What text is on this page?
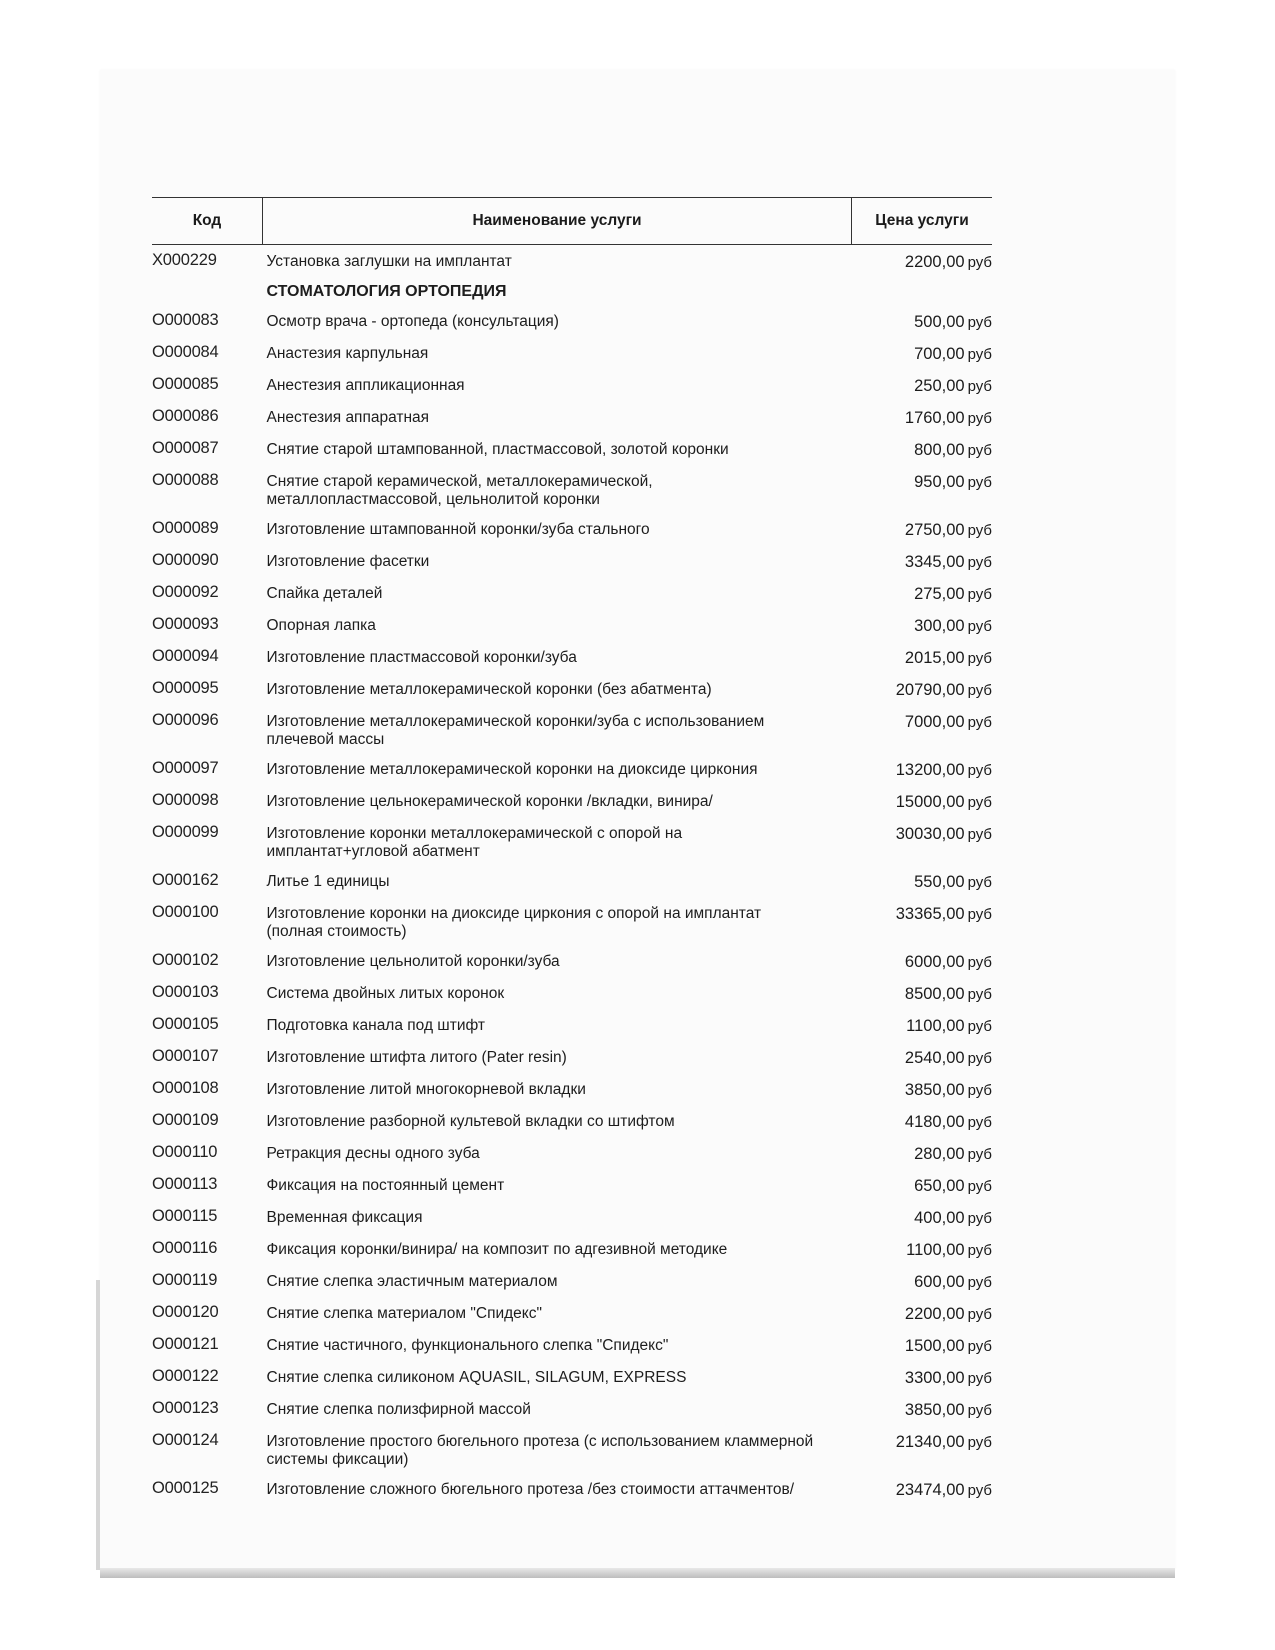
Код	Наименование услуги	Цена услуги
X000229	Установка заглушки на имплантат	2200,00 руб
	СТОМАТОЛОГИЯ ОРТОПЕДИЯ	
O000083	Осмотр врача - ортопеда (консультация)	500,00 руб
O000084	Анастезия карпульная	700,00 руб
O000085	Анестезия аппликационная	250,00 руб
O000086	Анестезия аппаратная	1760,00 руб
O000087	Снятие старой штампованной, пластмассовой, золотой коронки	800,00 руб
O000088	Снятие старой керамической, металлокерамической,
металлопластмассовой, цельнолитой коронки	950,00 руб
O000089	Изготовление штампованной коронки/зуба стального	2750,00 руб
O000090	Изготовление фасетки	3345,00 руб
O000092	Спайка деталей	275,00 руб
O000093	Опорная лапка	300,00 руб
O000094	Изготовление пластмассовой коронки/зуба	2015,00 руб
O000095	Изготовление металлокерамической коронки (без абатмента)	20790,00 руб
O000096	Изготовление металлокерамической коронки/зуба с использованием
плечевой массы	7000,00 руб
O000097	Изготовление металлокерамической коронки на диоксиде циркония	13200,00 руб
O000098	Изготовление цельнокерамической коронки /вкладки, винира/	15000,00 руб
O000099	Изготовление коронки металлокерамической с опорой на
имплантат+угловой абатмент	30030,00 руб
O000162	Литье 1 единицы	550,00 руб
O000100	Изготовление коронки на диоксиде циркония с опорой на имплантат
(полная стоимость)	33365,00 руб
O000102	Изготовление цельнолитой коронки/зуба	6000,00 руб
O000103	Система двойных литых коронок	8500,00 руб
O000105	Подготовка канала под штифт	1100,00 руб
O000107	Изготовление штифта литого (Pater resin)	2540,00 руб
O000108	Изготовление литой многокорневой вкладки	3850,00 руб
O000109	Изготовление разборной культевой вкладки со штифтом	4180,00 руб
O000110	Ретракция десны одного зуба	280,00 руб
O000113	Фиксация на постоянный цемент	650,00 руб
O000115	Временная фиксация	400,00 руб
O000116	Фиксация коронки/винира/ на композит по адгезивной методике	1100,00 руб
O000119	Снятие слепка эластичным материалом	600,00 руб
O000120	Снятие слепка материалом "Спидекс"	2200,00 руб
O000121	Снятие частичного, функционального слепка "Спидекс"	1500,00 руб
O000122	Снятие слепка силиконом AQUASIL, SILAGUM, EXPRESS	3300,00 руб
O000123	Снятие слепка полизфирной массой	3850,00 руб
O000124	Изготовление простого бюгельного протеза (с использованием кламмерной
системы фиксации)	21340,00 руб
O000125	Изготовление сложного бюгельного протеза /без стоимости аттачментов/	23474,00 руб
